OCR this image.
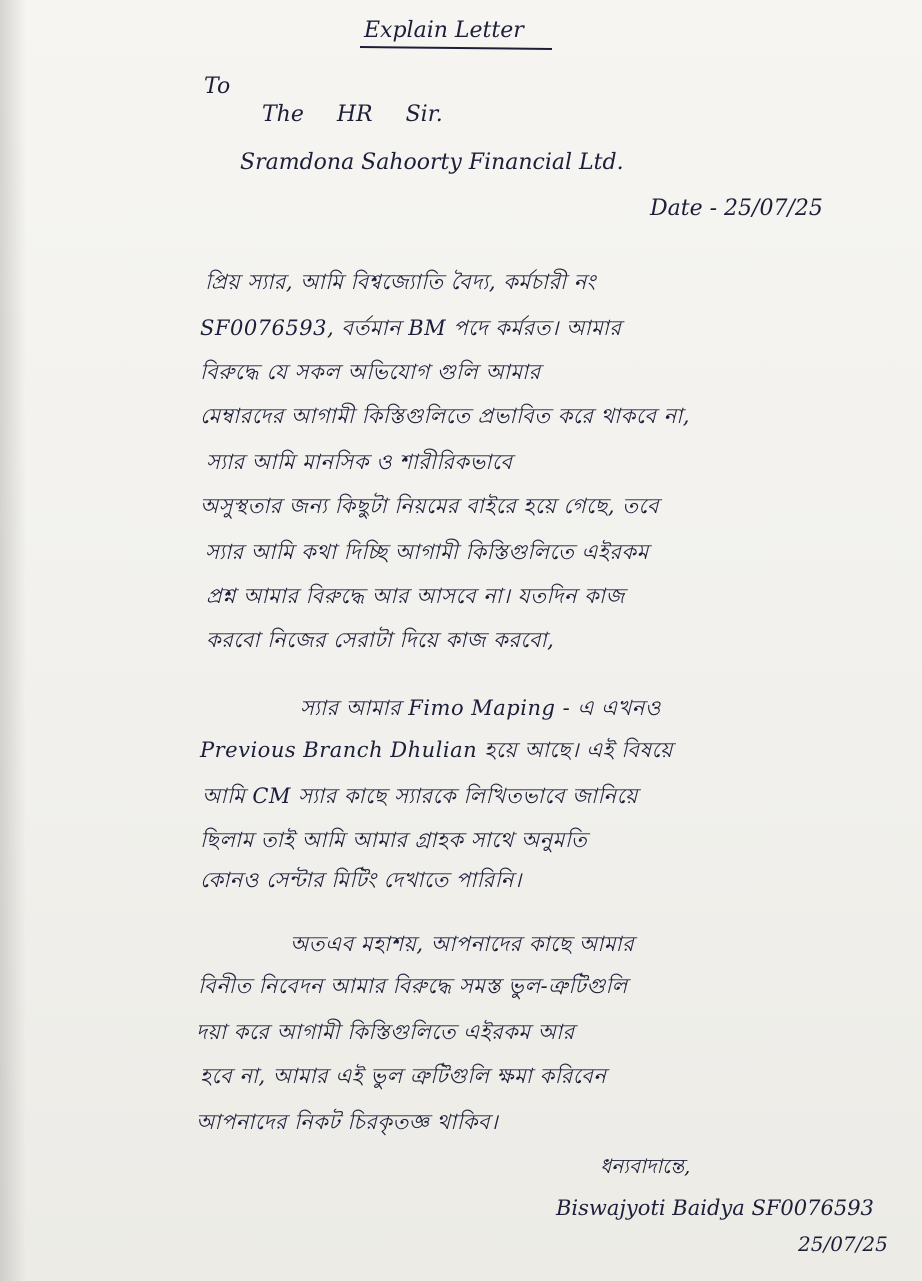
Explain Letter
To
The HR Sir.
Sramdona Sahoorty Financial Ltd.
Date - 25/07/25
প্রিয় স্যার, আমি বিশ্বজ্যোতি বৈদ্য, কর্মচারী নং
SF0076593, বর্তমান BM পদে কর্মরত। আমার
বিরুদ্ধে যে সকল অভিযোগ গুলি আমার
মেম্বারদের আগামী কিস্তিগুলিতে প্রভাবিত করে থাকবে না,
স্যার আমি মানসিক ও শারীরিকভাবে
অসুস্থতার জন্য কিছুটা নিয়মের বাইরে হয়ে গেছে, তবে
স্যার আমি কথা দিচ্ছি আগামী কিস্তিগুলিতে এইরকম
প্রশ্ন আমার বিরুদ্ধে আর আসবে না। যতদিন কাজ
করবো নিজের সেরাটা দিয়ে কাজ করবো,
স্যার আমার Fimo Maping - এ এখনও
Previous Branch Dhulian হয়ে আছে। এই বিষয়ে
আমি CM স্যার কাছে স্যারকে লিখিতভাবে জানিয়ে
ছিলাম তাই আমি আমার গ্রাহক সাথে অনুমতি
কোনও সেন্টার মিটিং দেখাতে পারিনি।
অতএব মহাশয়, আপনাদের কাছে আমার
বিনীত নিবেদন আমার বিরুদ্ধে সমস্ত ভুল-ত্রুটিগুলি
দয়া করে আগামী কিস্তিগুলিতে এইরকম আর
হবে না, আমার এই ভুল ত্রুটিগুলি ক্ষমা করিবেন
আপনাদের নিকট চিরকৃতজ্ঞ থাকিব।
ধন্যবাদান্তে,
Biswajyoti Baidya SF0076593
25/07/25
